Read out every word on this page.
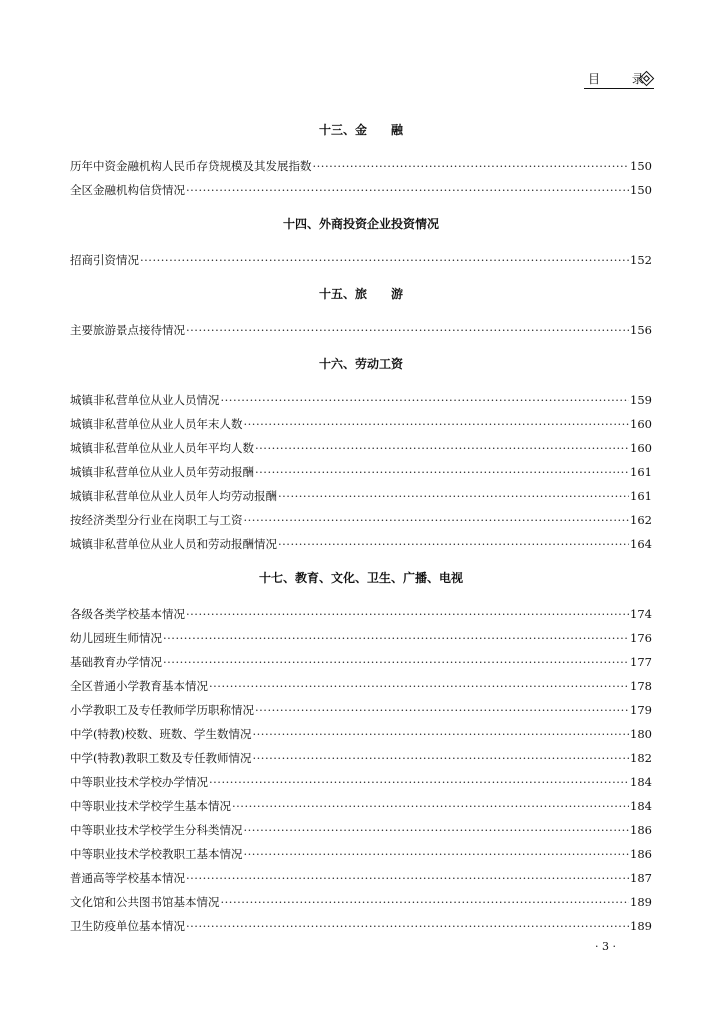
目 录
十三、金　　融
历年中资金融机构人民币存贷规模及其发展指数 ·····	150
全区金融机构信贷情况 ·····	150
十四、外商投资企业投资情况
招商引资情况 ·····	152
十五、旅　　游
主要旅游景点接待情况 ·····	156
十六、劳动工资
城镇非私营单位从业人员情况 ·····	159
城镇非私营单位从业人员年末人数 ·····	160
城镇非私营单位从业人员年平均人数 ·····	160
城镇非私营单位从业人员年劳动报酬 ·····	161
城镇非私营单位从业人员年人均劳动报酬 ·····	161
按经济类型分行业在岗职工与工资 ·····	162
城镇非私营单位从业人员和劳动报酬情况 ·····	164
十七、教育、文化、卫生、广播、电视
各级各类学校基本情况 ·····	174
幼儿园班生师情况 ·····	176
基础教育办学情况 ·····	177
全区普通小学教育基本情况 ·····	178
小学教职工及专任教师学历职称情况 ·····	179
中学(特教)校数、班数、学生数情况 ·····	180
中学(特教)教职工数及专任教师情况 ·····	182
中等职业技术学校办学情况 ·····	184
中等职业技术学校学生基本情况 ·····	184
中等职业技术学校学生分科类情况 ·····	186
中等职业技术学校教职工基本情况 ·····	186
普通高等学校基本情况 ·····	187
文化馆和公共图书馆基本情况 ·····	189
卫生防疫单位基本情况 ·····	189
· 3 ·
